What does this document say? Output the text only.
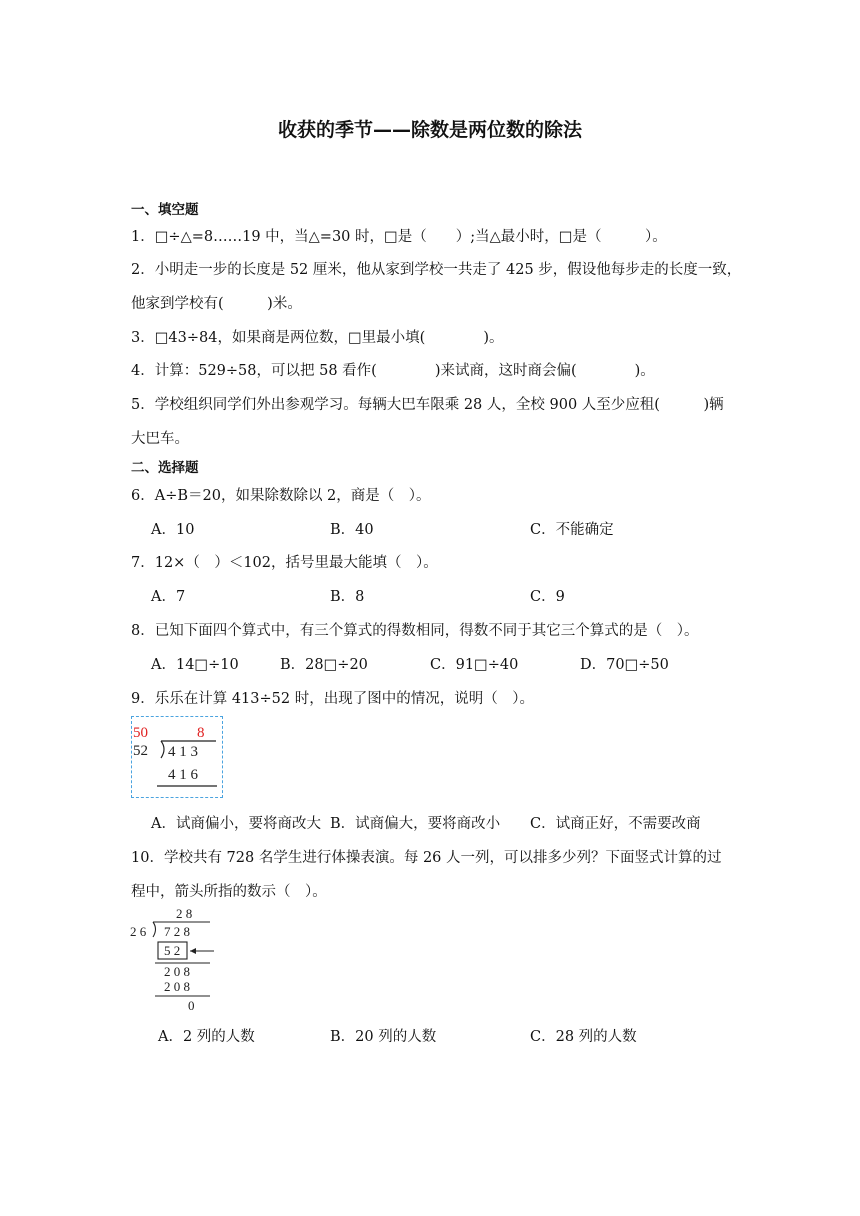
收获的季节——除数是两位数的除法
一、填空题
1．□÷△=8……19 中，当△=30 时，□是（　　）;当△最小时，□是（　　　）。
2．小明走一步的长度是 52 厘米，他从家到学校一共走了 425 步，假设他每步走的长度一致，
他家到学校有(　　　)米。
3．□43÷84，如果商是两位数，□里最小填(　　　　)。
4．计算：529÷58，可以把 58 看作(　　　　)来试商，这时商会偏(　　　　)。
5．学校组织同学们外出参观学习。每辆大巴车限乘 28 人，全校 900 人至少应租(　　　)辆
大巴车。
二、选择题
6．A÷B＝20，如果除数除以 2，商是（　）。
A．10	B．40	C．不能确定
7．12×（　）＜102，括号里最大能填（　）。
A．7	B．8	C．9
8．已知下面四个算式中，有三个算式的得数相同，得数不同于其它三个算式的是（　）。
A．14□÷10	B．28□÷20	C．91□÷40	D．70□÷50
9．乐乐在计算 413÷52 时，出现了图中的情况，说明（　）。
50	8
52 4 1 3
4 1 6
A．试商偏小，要将商改大 B．试商偏大，要将商改小 C．试商正好，不需要改商
10．学校共有 728 名学生进行体操表演。每 26 人一列，可以排多少列？下面竖式计算的过
程中，箭头所指的数示（　）。
2 8
2 6 7 2 8
5 2
2 0 8
2 0 8
0
A．2 列的人数	B．20 列的人数	C．28 列的人数
